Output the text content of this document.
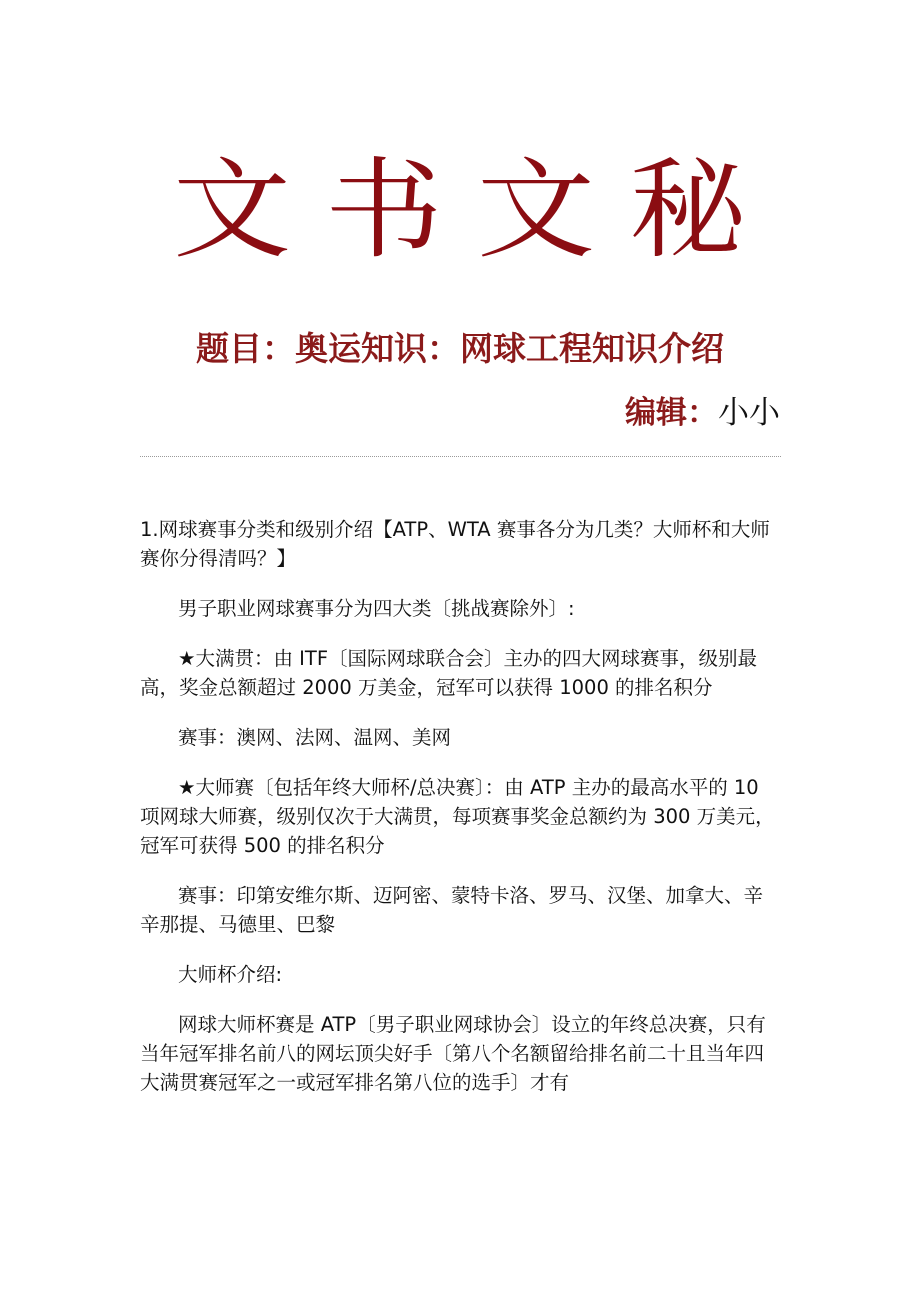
文书文秘
题目：奥运知识：网球工程知识介绍
编辑：小小

1.网球赛事分类和级别介绍【ATP、WTA 赛事各分为几类？大师杯和大师赛你分得清吗？】

男子职业网球赛事分为四大类〔挑战赛除外〕:

★大满贯：由 ITF〔国际网球联合会〕主办的四大网球赛事，级别最高，奖金总额超过 2000 万美金，冠军可以获得 1000 的排名积分

赛事：澳网、法网、温网、美网

★大师赛〔包括年终大师杯/总决赛〕：由 ATP 主办的最高水平的 10 项网球大师赛，级别仅次于大满贯，每项赛事奖金总额约为 300 万美元，冠军可获得 500 的排名积分

赛事：印第安维尔斯、迈阿密、蒙特卡洛、罗马、汉堡、加拿大、辛辛那提、马德里、巴黎

大师杯介绍:

网球大师杯赛是 ATP〔男子职业网球协会〕设立的年终总决赛，只有当年冠军排名前八的网坛顶尖好手〔第八个名额留给排名前二十且当年四大满贯赛冠军之一或冠军排名第八位的选手〕才有
